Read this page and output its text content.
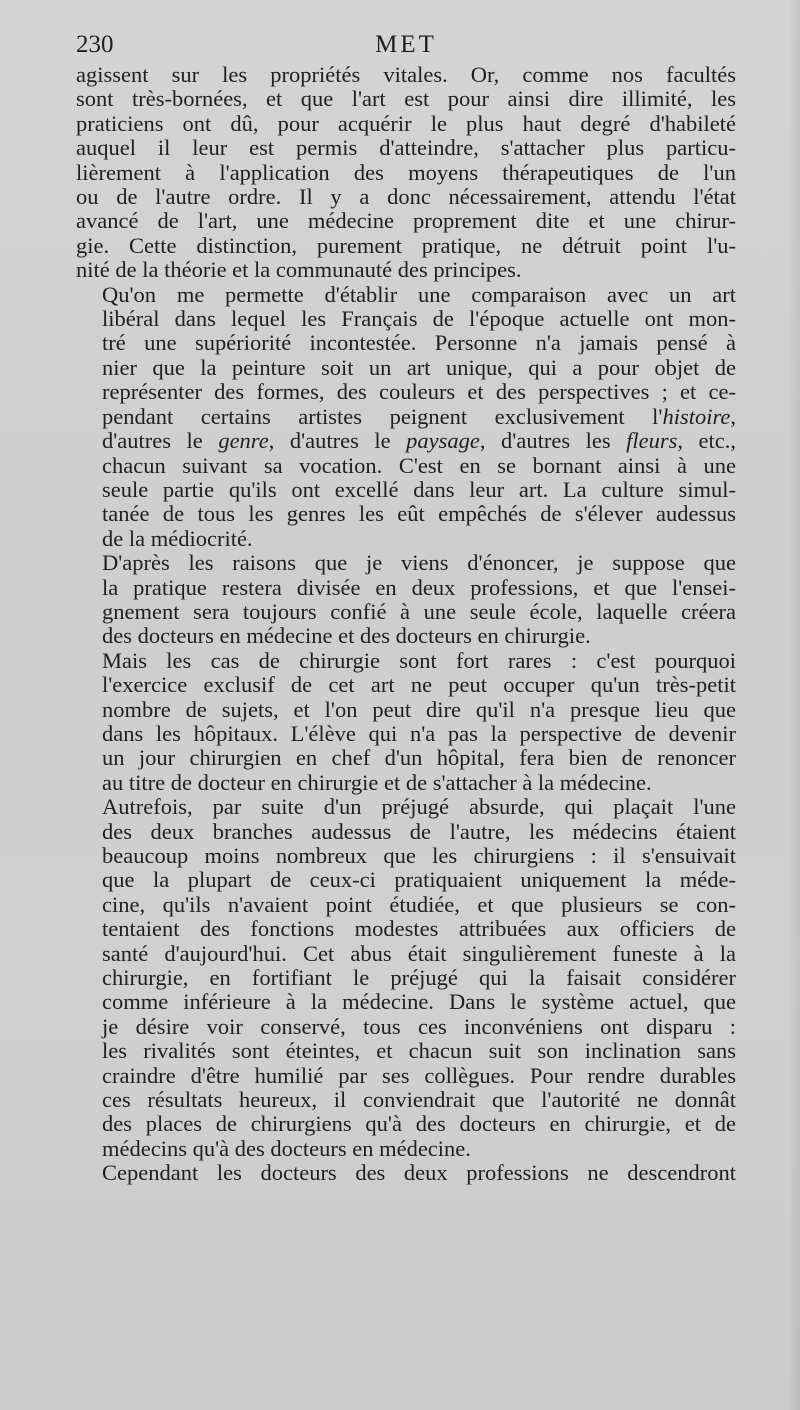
230	MET
agissent sur les propriétés vitales. Or, comme nos facultés
sont très-bornées, et que l'art est pour ainsi dire illimité, les
praticiens ont dû, pour acquérir le plus haut degré d'habileté
auquel il leur est permis d'atteindre, s'attacher plus particu-
lièrement à l'application des moyens thérapeutiques de l'un
ou de l'autre ordre. Il y a donc nécessairement, attendu l'état
avancé de l'art, une médecine proprement dite et une chirur-
gie. Cette distinction, purement pratique, ne détruit point l'u-
nité de la théorie et la communauté des principes.
Qu'on me permette d'établir une comparaison avec un art
libéral dans lequel les Français de l'époque actuelle ont mon-
tré une supériorité incontestée. Personne n'a jamais pensé à
nier que la peinture soit un art unique, qui a pour objet de
représenter des formes, des couleurs et des perspectives ; et ce-
pendant certains artistes peignent exclusivement l'histoire,
d'autres le genre, d'autres le paysage, d'autres les fleurs, etc.,
chacun suivant sa vocation. C'est en se bornant ainsi à une
seule partie qu'ils ont excellé dans leur art. La culture simul-
tanée de tous les genres les eût empêchés de s'élever audessus
de la médiocrité.
D'après les raisons que je viens d'énoncer, je suppose que
la pratique restera divisée en deux professions, et que l'ensei-
gnement sera toujours confié à une seule école, laquelle créera
des docteurs en médecine et des docteurs en chirurgie.
Mais les cas de chirurgie sont fort rares : c'est pourquoi
l'exercice exclusif de cet art ne peut occuper qu'un très-petit
nombre de sujets, et l'on peut dire qu'il n'a presque lieu que
dans les hôpitaux. L'élève qui n'a pas la perspective de devenir
un jour chirurgien en chef d'un hôpital, fera bien de renoncer
au titre de docteur en chirurgie et de s'attacher à la médecine.
Autrefois, par suite d'un préjugé absurde, qui plaçait l'une
des deux branches audessus de l'autre, les médecins étaient
beaucoup moins nombreux que les chirurgiens : il s'ensuivait
que la plupart de ceux-ci pratiquaient uniquement la méde-
cine, qu'ils n'avaient point étudiée, et que plusieurs se con-
tentaient des fonctions modestes attribuées aux officiers de
santé d'aujourd'hui. Cet abus était singulièrement funeste à la
chirurgie, en fortifiant le préjugé qui la faisait considérer
comme inférieure à la médecine. Dans le système actuel, que
je désire voir conservé, tous ces inconvéniens ont disparu :
les rivalités sont éteintes, et chacun suit son inclination sans
craindre d'être humilié par ses collègues. Pour rendre durables
ces résultats heureux, il conviendrait que l'autorité ne donnât
des places de chirurgiens qu'à des docteurs en chirurgie, et de
médecins qu'à des docteurs en médecine.
Cependant les docteurs des deux professions ne descendront
